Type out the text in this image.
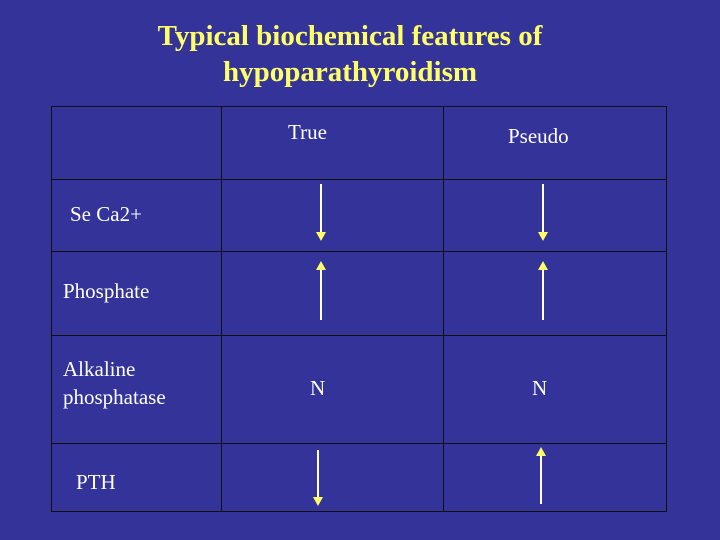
Typical biochemical features of
hypoparathyroidism
True	Pseudo
Se Ca2+
Phosphate
Alkaline
phosphatase
PTH
N	N
